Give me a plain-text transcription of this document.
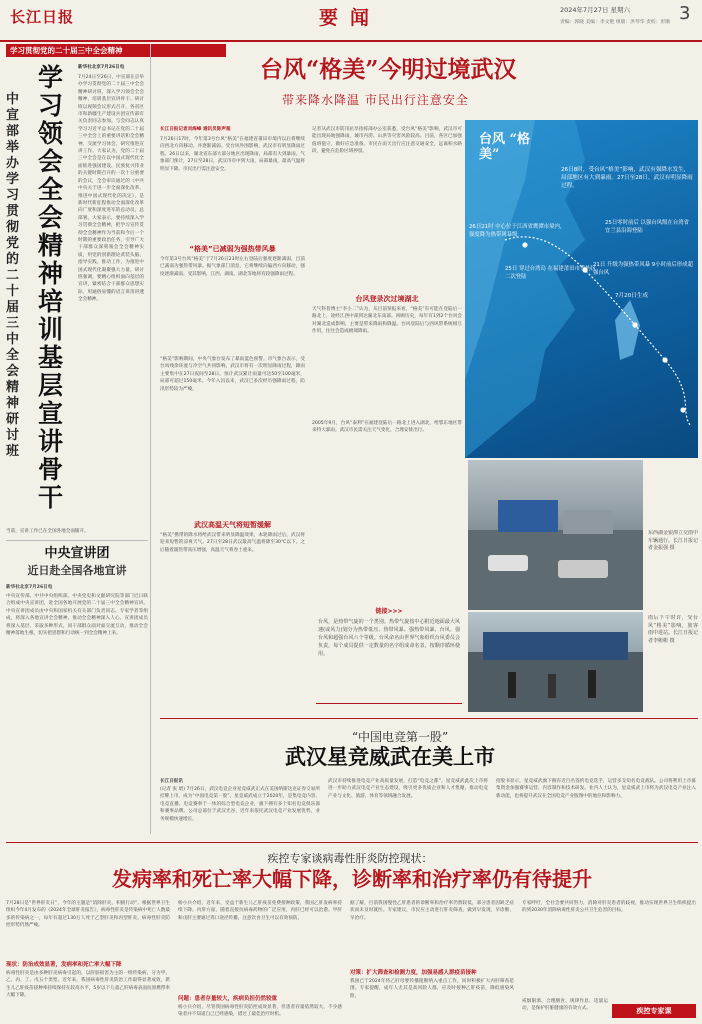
长江日报	要闻	2024年7月27日 星期六	3
责编：郭晓 美编：李文艳 组版：洪琴华 责校：彭顺
学习贯彻党的二十届三中全会精神
学习领会全会精神 培训基层宣讲骨干
中宣部举办学习贯彻党的二十届三中全会精神研讨班
新华社北京7月26日电
7月24日至26日，中宣部在京举办学习贯彻党的二十届三中全会精神研讨班，深入学习领会全会精神，培训基层宣讲骨干。研讨班以视频会议形式召开，各省区市和新疆生产建设兵团宣传部有关负责同志参加。与会同志认真学习习近平总书记在党的二十届三中全会上的重要讲话和全会精神，交流学习体会，研究推进宣讲工作。大家认为，党的二十届三中全会是在以中国式现代化全面推进强国建设、民族复兴伟业的关键时期召开的一次十分重要的会议，全会审议通过的《中共中央关于进一步全面深化改革、推进中国式现代化的决定》，是新时代新征程推动全面深化改革向广度和深度进军的总动员、总部署。大家表示，要持续深入学习贯彻全会精神，把学习宣传贯彻全会精神作为当前和今后一个时期的重要政治任务，引导广大干部群众深刻领会全会精神实质，用党的创新理论武装头脑、指导实践、推动工作，为推进中国式现代化凝聚强大力量。研讨班强调，要精心组织面向基层的宣讲，紧密结合干部群众思想实际，用通俗易懂的语言讲清讲透全会精神。
当前，宣讲工作已在全国各地全面铺开。
中央宣讲团
近日赴全国各地宣讲
新华社北京7月26日电
中央宣传部、中共中央组织部、中央党史和文献研究院等部门近日联合组成中央宣讲团，赴全国各地开展党的二十届三中全会精神宣讲。中央宣讲团成员由中央和国家机关有关部门负责同志、专家学者等组成，将深入各地宣讲全会精神，推动全会精神深入人心。宣讲团成员将深入基层，采取多种形式，同干部群众面对面交流互动，推动全会精神落地生根，切实把思想和行动统一到全会精神上来。
台风“格美”今明过境武汉
带来降水降温 市民出行注意安全
台风 “格美”
26日8时，受台风“格美”影响，武汉有强降水发生，局部地区有大到暴雨。27日至28日，武汉有明显降雨过程。
26日21时 中心位于江西省鹰潭市境内，强度降为热带风暴级
25日零时前后 以强台风级在台湾省宜兰县沿海登陆
25日 穿过台湾岛 在福建莆田市秀屿区二次登陆
21日 升级为强热带风暴 9小时前后形成超强台风
7月20日生成
长江日报记者刘海峰 通讯员陈声超
7月26日17时，今年第3号台风“格美”在福建省莆田市境内以后将继续向西北方向移动，并逐渐减弱。受台风外围影响，武汉市有明显降雨过程。26日以来，湖北省东部大部分地区出现降雨，局部有大到暴雨。气象部门预计，27日至28日，武汉市有中到大雨，局部暴雨，最高气温将明显下降。市民出行需注意安全。
“格美”已减弱为强热带风暴
今年第3号台风“格美”于7月26日23时左右登陆后强度逐渐减弱，目前已减弱为强热带风暴。据气象部门消息，它将继续向偏西方向移动，强度逐渐减弱。受其影响，江西、湖南、湖北等地将有较强降雨过程。
“格美”影响期间，中央气象台发布了暴雨蓝色预警。市气象台表示，受台风残余环流与冷空气共同影响，武汉市将有一次明显降雨过程，降雨主要集中在27日夜间至28日。预计武汉累计雨量可达50至100毫米，局部可超过150毫米。今年入汛以来，武汉已多次经历强降雨过程，防汛形势较为严峻。
武汉高温天气将短暂缓解
“格美”携带的降水将给武汉带来明显降温效果，本轮降雨过后，武汉将迎来短暂的凉爽天气。27日至28日武汉最高气温将降至30℃以下。之后随着副热带高压增强，高温天气将卷土重来。
记者从武汉市防汛抗旱指挥部办公室获悉，受台风“格美”影响，武汉市可能出现局地强降雨，城市内涝、山洪等灾害风险较高。目前，各区已加强值班值守，做好应急准备。市民在雨天出行应注意交通安全，远离积水路段，避免在危险区域停留。
台风登录次过境湖北
天气科普博主“李小二”认为，从目前预报来看，“格美”有可能在登陆后一路北上，途经江西中部到达湖北东南部。回顾历史，每年有1到2个台风会对湖北造成影响，主要是带来降雨和降温。台风登陆后与西风带系统相互作用，往往会造成极端降雨。
2005年9月，台风“泰利”在福建登陆后一路北上进入湖北，给鄂东地区带来特大暴雨。武汉市民需关注天气变化，合理安排出行。
东西湖金银潭立交雨中车辆通行。长江日报记者金振强 摄
雨后下午时许，受台风“格美”影响，旅客雨中进站。长江日报记者李彬彬 摄
链接>>>
台风，是热带气旋的一个类别。热带气旋按中心附近地面最大风速(或风力)划分为热带低压、热带风暴、强热带风暴、台风、强台风和超强台风六个等级。台风命名由世界气象组织台风委员会负责，每个成员提供一定数量的名字组成命名表，按顺序循环使用。
“中国电竞第一股”
武汉星竞威武在美上市
长江日报讯
(记者 张 珺) 7月26日，武汉电竞企业星竞威武正式在美国纳斯达克证券交易所挂牌上市，成为“中国电竞第一股”。星竞威武成立于2020年，是集电竞内容、电竞直播、电竞赛事于一体的综合型电竞企业，旗下拥有多个知名电竞俱乐部和赛事品牌。公司总部位于武汉光谷，近年来依托武汉电竞产业发展优势，业务规模快速增长。
武汉市持续推进电竞产业高质量发展，打造“电竞之都”。星竞威武此次上市将进一步助力武汉电竞产业生态建设，吸引更多优质企业和人才集聚，推动电竞产业与文化、旅游、体育等领域融合发展。
招股书显示，星竞威武旗下拥有近百名签约电竞选手，运营多支知名电竞战队。公司将利用上市募集资金加强赛事运营、内容制作和技术研发。业内人士认为，星竞威武上市将为武汉电竞产业注入新动能，也将提升武汉在全国电竞产业版图中的地位和影响力。
疾控专家谈病毒性肝炎防控现状：
发病率和死亡率大幅下降，诊断率和治疗率仍有待提升
7月28日是“世界肝炎日”，今年的主题是“消除肝炎，积极行动”。根据世界卫生组织今年4月发布的《2024年全球肝炎报告》，病毒性肝炎是传染病中死亡人数最多的传染病之一，每年有超过130万人死于乙型肝炎和丙型肝炎。病毒性肝炎防控形势仍然严峻。
现状：防治成效显著，发病率和死亡率大幅下降
病毒性肝炎是由多种肝炎病毒引起的，以肝脏损害为主的一组传染病，分为甲、乙、丙、丁、戊五个类型。近年来，我国病毒性肝炎防治工作取得显著成效，新生儿乙肝疫苗接种率持续保持在较高水平，5岁以下儿童乙肝病毒表面抗原携带率大幅下降。
杨小兵介绍，近年来，受益于新生儿乙肝疫苗免费接种政策，我国乙肝发病率持续下降。丙肝方面，随着直接抗病毒药物的广泛应用，丙肝已经可以治愈。甲肝和戊肝主要通过粪口途径传播，注意饮食卫生可以有效预防。
问题：患者存量较大，疾病负担仍然较重
杨小兵介绍，尽管我国病毒性肝炎防控成效显著，但患者存量依然较大，不少感染者并不知道自己已经感染，错过了最佳治疗时机。
据了解，目前我国慢性乙肝患者的诊断率和治疗率仍然较低，部分患者因缺乏症状而未及时就医。专家建议，市民应主动进行肝炎筛查，做到早发现、早诊断、早治疗。
对策：扩大筛查和检测力度，加强易感人群疫苗接种
我国已于2024年将乙肝母婴传播阻断纳入重点工作，同时积极扩大丙肝筛查范围。专家提醒，成年人尤其是高风险人群，应及时接种乙肝疫苗，降低感染风险。
专家呼吁，全社会要共同努力，消除对肝炎患者的歧视，推动实现世界卫生组织提出的到2030年消除病毒性肝炎公共卫生危害的目标。
疾控专家课
戒烟限酒、合理膳食、规律作息、适量运动，是保护肝脏健康的有效方式。
